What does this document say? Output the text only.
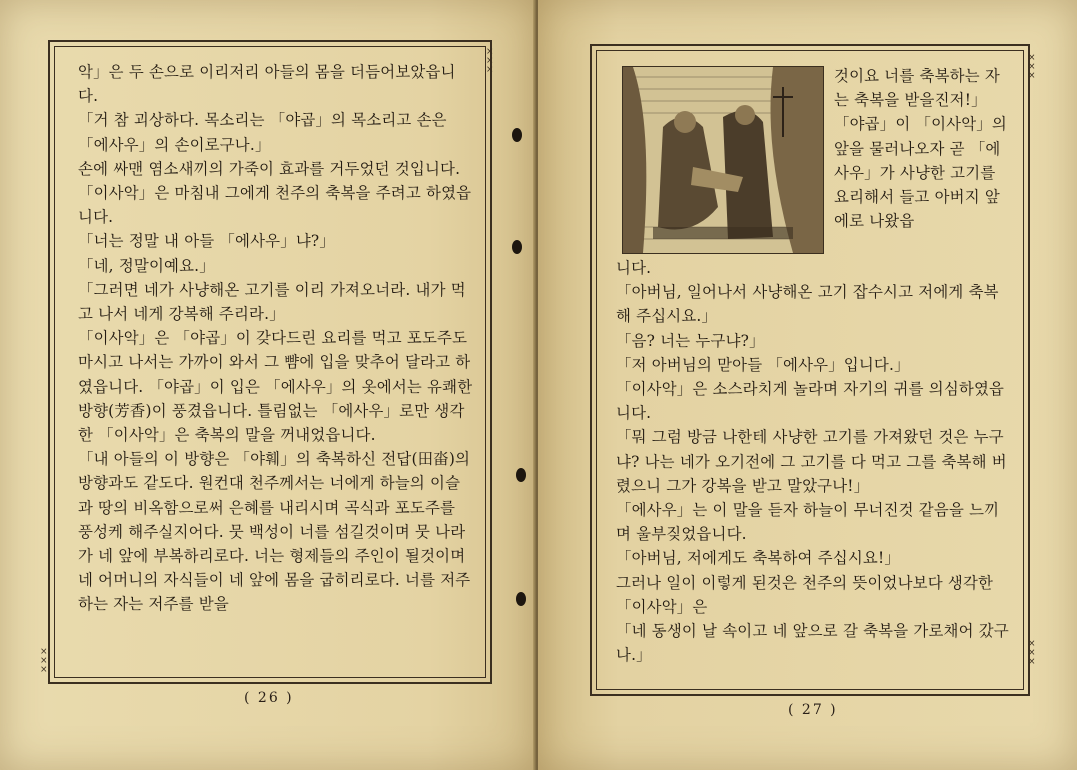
×
×
×
×
×
×

악」은 두 손으로 이리저리 아들의 몸을 더듬어보았읍니다.

「거 참 괴상하다. 목소리는 「야곱」의 목소리고 손은 「에사우」의 손이로구나.」

손에 싸맨 염소새끼의 가죽이 효과를 거두었던 것입니다. 「이사악」은 마침내 그에게 천주의 축복을 주려고 하였읍니다.

「너는 정말 내 아들 「에사우」냐?」

「네, 정말이예요.」

「그러면 네가 사냥해온 고기를 이리 가져오너라. 내가 먹고 나서 네게 강복해 주리라.」

「이사악」은 「야곱」이 갖다드린 요리를 먹고 포도주도 마시고 나서는 가까이 와서 그 뺨에 입을 맞추어 달라고 하였읍니다. 「야곱」이 입은 「에사우」의 옷에서는 유쾌한 방향(芳香)이 풍겼읍니다. 틀림없는 「에사우」로만 생각한 「이사악」은 축복의 말을 꺼내었읍니다.

「내 아들의 이 방향은 「야훼」의 축복하신 전답(田畓)의 방향과도 같도다. 원컨대 천주께서는 너에게 하늘의 이슬과 땅의 비옥함으로써 은혜를 내리시며 곡식과 포도주를 풍성케 해주실지어다. 뭇 백성이 너를 섬길것이며 뭇 나라가 네 앞에 부복하리로다. 너는 형제들의 주인이 될것이며 네 어머니의 자식들이 네 앞에 몸을 굽히리로다. 너를 저주하는 자는 저주를 받을

( 26 )
×
×
×
×
×
×

것이요 너를 축복하는 자는 축복을 받을진저!」

「야곱」이 「이사악」의 앞을 물러나오자 곧 「에사우」가 사냥한 고기를 요리해서 들고 아버지 앞에로 나왔읍

니다.

「아버님, 일어나서 사냥해온 고기 잡수시고 저에게 축복해 주십시요.」

「음? 너는 누구냐?」

「저 아버님의 맏아들 「에사우」입니다.」

「이사악」은 소스라치게 놀라며 자기의 귀를 의심하였읍니다.

「뭐 그럼 방금 나한테 사냥한 고기를 가져왔던 것은 누구냐? 나는 네가 오기전에 그 고기를 다 먹고 그를 축복해 버렸으니 그가 강복을 받고 말았구나!」

「에사우」는 이 말을 듣자 하늘이 무너진것 같음을 느끼며 울부짖었읍니다.

「아버님, 저에게도 축복하여 주십시요!」

그러나 일이 이렇게 된것은 천주의 뜻이었나보다 생각한 「이사악」은

「네 동생이 날 속이고 네 앞으로 갈 축복을 가로채어 갔구나.」

( 27 )
